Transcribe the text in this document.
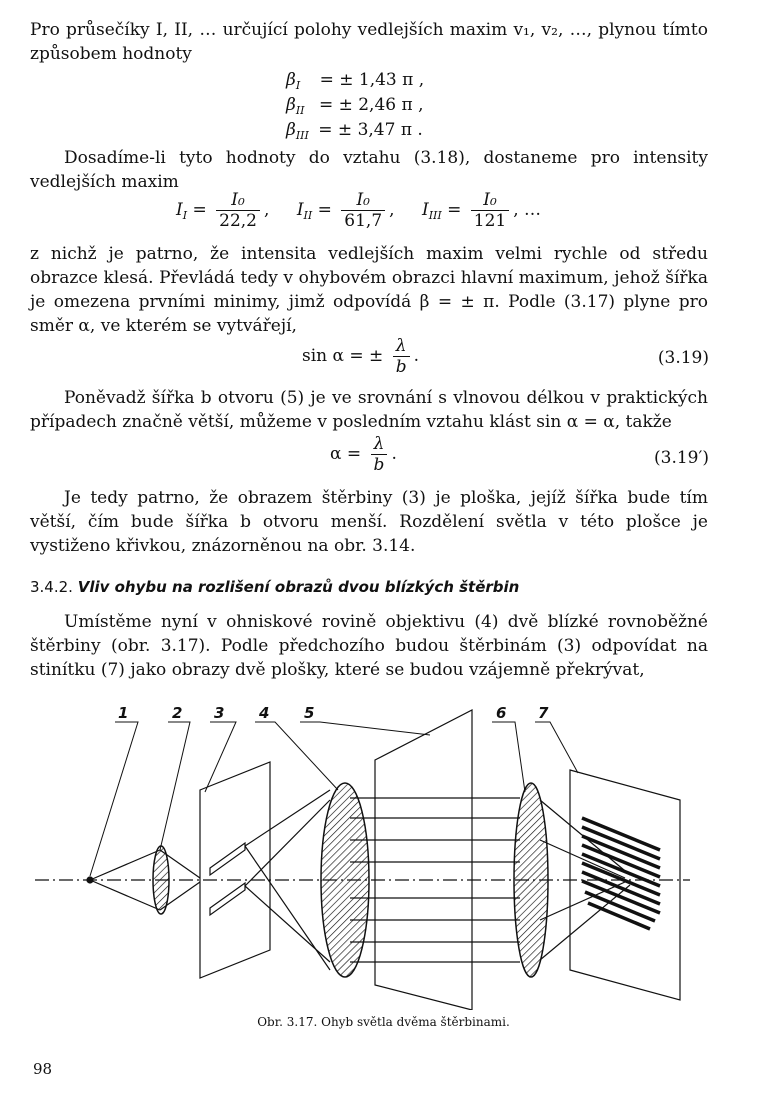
Pro průsečíky I, II, … určující polohy vedlejších maxim v₁, v₂, …, plynou tímto způsobem hodnoty
$\beta_I$ = ± 1,43 π ,
$\beta_{II}$ = ± 2,46 π ,
$\beta_{III}$ = ± 3,47 π .
Dosadíme-li tyto hodnoty do vztahu (3.18), dostaneme pro intensity vedlejších maxim
$I_I = \frac{\text{I₀}}{22,2}$ , $I_{II} = \frac{\text{I₀}}{61,7}$ , $I_{III} = \frac{\text{I₀}}{121}$ , …
z nichž je patrno, že intensita vedlejších maxim velmi rychle od středu obrazce klesá. Převládá tedy v ohybovém obrazci hlavní maximum, jehož šířka je omezena prvními minimy, jimž odpovídá β = ± π. Podle (3.17) plyne pro směr α, ve kterém se vytvářejí,
sin α = ± $\frac{\lambda}{b}$ .	(3.19)
Poněvadž šířka b otvoru (5) je ve srovnání s vlnovou délkou v praktických případech značně větší, můžeme v posledním vztahu klást sin α = α, takže
$\alpha = \frac{\lambda}{b}$ .	(3.19′)
Je tedy patrno, že obrazem štěrbiny (3) je ploška, jejíž šířka bude tím větší, čím bude šířka b otvoru menší. Rozdělení světla v této plošce je vystiženo křivkou, znázorněnou na obr. 3.14.
3.4.2. Vliv ohybu na rozlišení obrazů dvou blízkých štěrbin
Umístěme nyní v ohniskové rovině objektivu (4) dvě blízké rovnoběžné štěrbiny (obr. 3.17). Podle předchozího budou štěrbinám (3) odpovídat na stinítku (7) jako obrazy dvě plošky, které se budou vzájemně překrývat,
1	2 3 4 5	6 7
Obr. 3.17. Ohyb světla dvěma štěrbinami.
98
